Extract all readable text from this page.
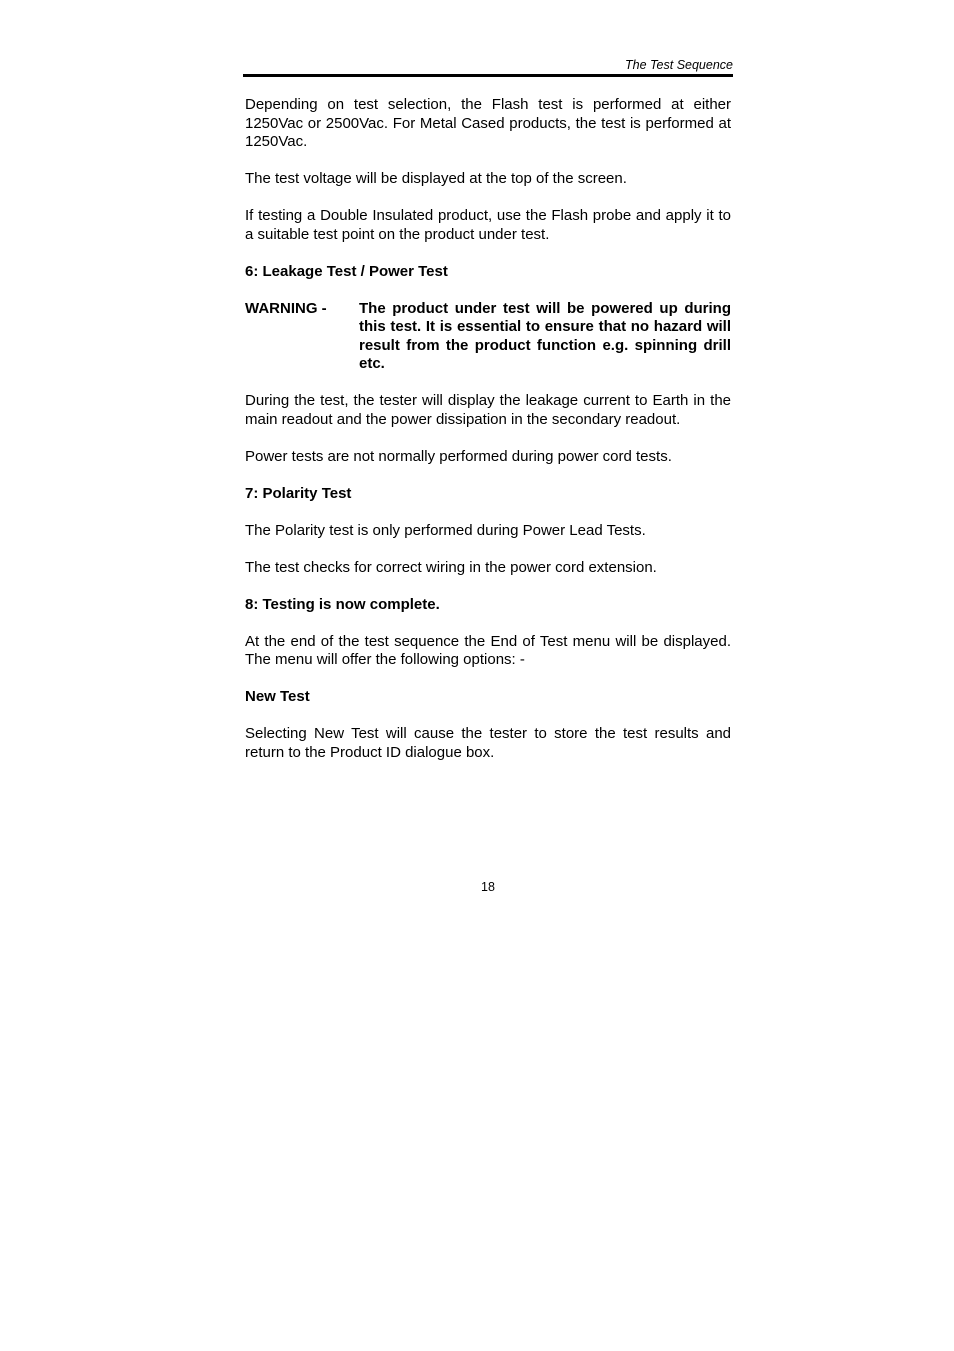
The Test Sequence

Depending on test selection, the Flash test is performed at either 1250Vac or 2500Vac. For Metal Cased products, the test is performed at 1250Vac.

The test voltage will be displayed at the top of the screen.

If testing a Double Insulated product, use the Flash probe and apply it to a suitable test point on the product under test.

6: Leakage Test / Power Test
WARNING -	The product under test will be powered up during this test. It is essential to ensure that no hazard will result from the product function e.g. spinning drill etc.

During the test, the tester will display the leakage current to Earth in the main readout and the power dissipation in the secondary readout.

Power tests are not normally performed during power cord tests.

7: Polarity Test

The Polarity test is only performed during Power Lead Tests.

The test checks for correct wiring in the power cord extension.

8: Testing is now complete.

At the end of the test sequence the End of Test menu will be displayed. The menu will offer the following options: -

New Test

Selecting New Test will cause the tester to store the test results and return to the Product ID dialogue box.

18
